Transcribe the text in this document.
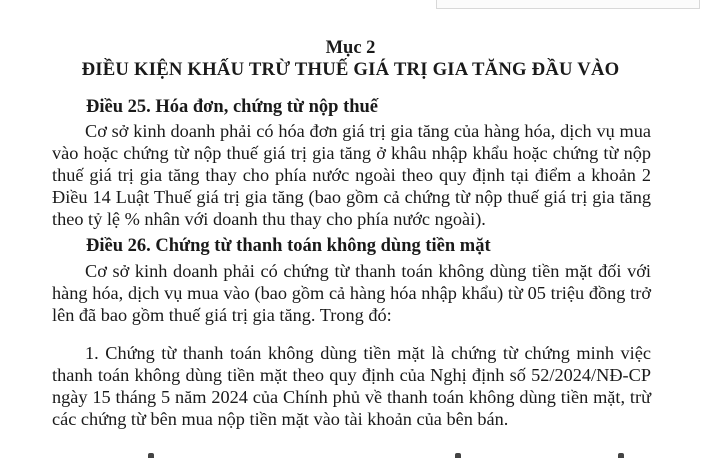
Mục 2
ĐIỀU KIỆN KHẤU TRỪ THUẾ GIÁ TRỊ GIA TĂNG ĐẦU VÀO
Điều 25. Hóa đơn, chứng từ nộp thuế
Cơ sở kinh doanh phải có hóa đơn giá trị gia tăng của hàng hóa, dịch vụ mua vào hoặc chứng từ nộp thuế giá trị gia tăng ở khâu nhập khẩu hoặc chứng từ nộp thuế giá trị gia tăng thay cho phía nước ngoài theo quy định tại điểm a khoản 2 Điều 14 Luật Thuế giá trị gia tăng (bao gồm cả chứng từ nộp thuế giá trị gia tăng theo tỷ lệ % nhân với doanh thu thay cho phía nước ngoài).
Điều 26. Chứng từ thanh toán không dùng tiền mặt
Cơ sở kinh doanh phải có chứng từ thanh toán không dùng tiền mặt đối với hàng hóa, dịch vụ mua vào (bao gồm cả hàng hóa nhập khẩu) từ 05 triệu đồng trở lên đã bao gồm thuế giá trị gia tăng. Trong đó:
1. Chứng từ thanh toán không dùng tiền mặt là chứng từ chứng minh việc thanh toán không dùng tiền mặt theo quy định của Nghị định số 52/2024/NĐ-CP ngày 15 tháng 5 năm 2024 của Chính phủ về thanh toán không dùng tiền mặt, trừ các chứng từ bên mua nộp tiền mặt vào tài khoản của bên bán.
